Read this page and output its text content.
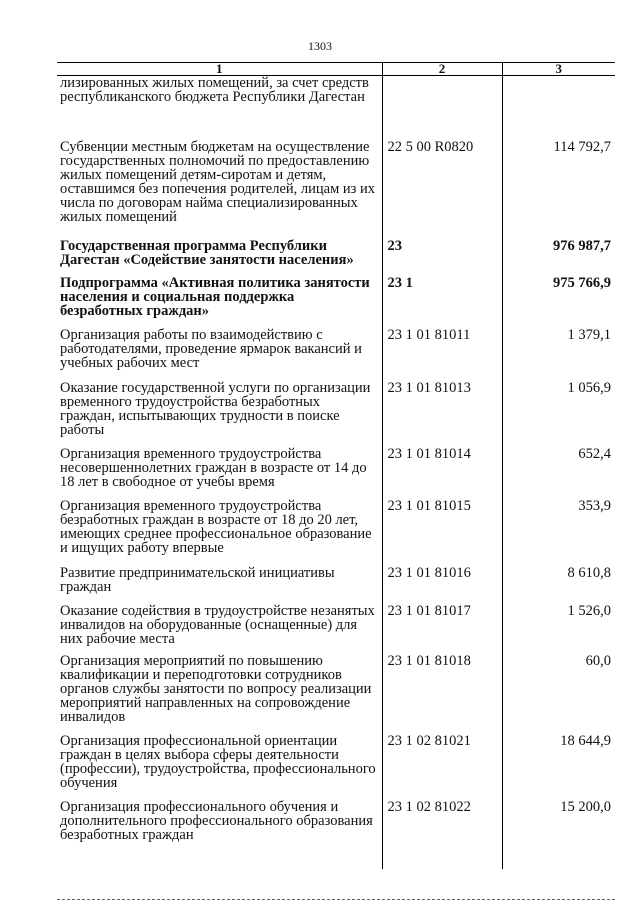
1303
1	2	3
лизированных жилых помещений, за счет средств республиканского бюджета Республики Дагестан		
Субвенции местным бюджетам на осуществление государственных полномочий по предоставлению жилых помещений детям-сиротам и детям, оставшимся без попечения родителей, лицам из их числа по договорам найма специализированных жилых помещений	22 5 00 R0820	114 792,7
Государственная программа Республики Дагестан «Содействие занятости населения»	23	976 987,7
Подпрограмма «Активная политика занятости населения и социальная поддержка безработных граждан»	23 1	975 766,9
Организация работы по взаимодействию с работодателями, проведение ярмарок вакансий и учебных рабочих мест	23 1 01 81011	1 379,1
Оказание государственной услуги по организации временного трудоустройства безработных граждан, испытывающих трудности в поиске работы	23 1 01 81013	1 056,9
Организация временного трудоустройства несовершеннолетних граждан в возрасте от 14 до 18 лет в свободное от учебы время	23 1 01 81014	652,4
Организация временного трудоустройства безработных граждан в возрасте от 18 до 20 лет, имеющих среднее профессиональное образование и ищущих работу впервые	23 1 01 81015	353,9
Развитие предпринимательской инициативы граждан	23 1 01 81016	8 610,8
Оказание содействия в трудоустройстве незанятых инвалидов на оборудованные (оснащенные) для них рабочие места	23 1 01 81017	1 526,0
Организация мероприятий по повышению квалификации и переподготовки сотрудников органов службы занятости по вопросу реализации мероприятий направленных на сопровождение инвалидов	23 1 01 81018	60,0
Организация профессиональной ориентации граждан в целях выбора сферы деятельности (профессии), трудоустройства, профессионального обучения	23 1 02 81021	18 644,9
Организация профессионального обучения и дополнительного профессионального образования безработных граждан	23 1 02 81022	15 200,0
